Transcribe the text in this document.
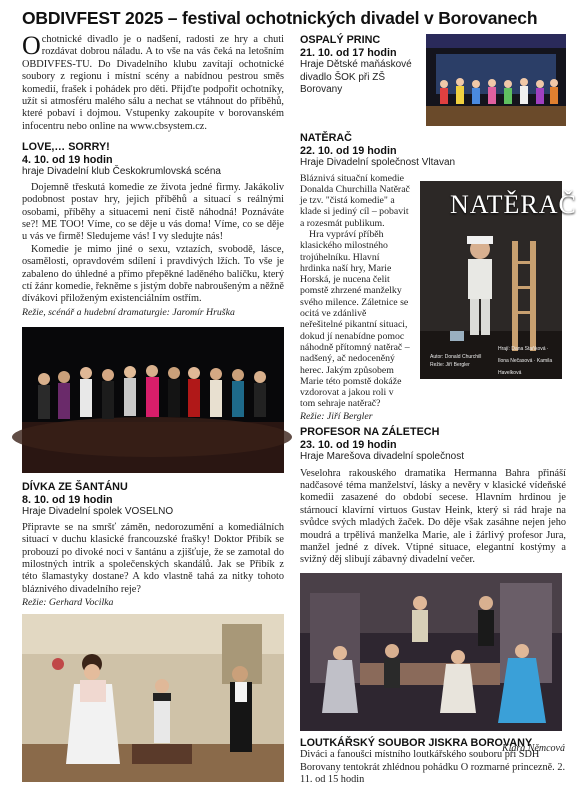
OBDIVFEST 2025 – festival ochotnických divadel v Borovanech

Ochotnické divadlo je o nadšení, radosti ze hry a chuti rozdávat dobrou náladu. A to vše na vás čeká na letošním OBDIVFES-TU. Do Divadelního klubu zavítají ochotnické soubory z regionu i místní scény a nabídnou pestrou směs komedií, frašek i pohádek pro děti. Přijďte podpořit ochotníky, užít si atmosféru malého sálu a nechat se vtáhnout do příběhů, které pobaví i dojmou. Vstupenky zakoupíte v borovanském infocentru nebo online na www.cbsystem.cz.

LOVE,… SORRY!
4. 10. od 19 hodin
hraje Divadelní klub Českokrumlovská scéna

Dojemně třeskutá komedie ze života jedné firmy. Jakákoliv podobnost postav hry, jejich příběhů a situací s reálnými osobami, příběhy a situacemi není čistě náhodná! Poznáváte se?! ME TOO! Víme, co se děje u vás doma! Víme, co se děje u vás ve firmě! Sledujeme vás! I vy sledujte nás!

Komedie je mimo jiné o sexu, vztazích, svobodě, lásce, osamělosti, opravdovém sdílení i pravdivých lžích. To vše je zabaleno do úhledné a přímo přepěkné laděného balíčku, který ctí žánr komedie, řekněme s jistým dobře nabroušeným a něžně dívákovi přiloženým existenciálním ostřím.

Režie, scénář a hudební dramaturgie: Jaromír Hruška
DÍVKA ZE ŠANTÁNU
8. 10. od 19 hodin
Hraje Divadelní spolek VOSELNO

Připravte se na smršť záměn, nedorozumění a komediálních situací v duchu klasické francouzské frašky! Doktor Přibík se probouzí po divoké noci v šantánu a zjišťuje, že se zamotal do milostných intrik a společenských skandálů. Jak se Přibík z této šlamastyky dostane? A kdo vlastně tahá za nitky tohoto bláznivého divadelního reje?

Režie: Gerhard Vocilka
OSPALÝ PRINC
21. 10. od 17 hodin
Hraje Dětské maňáskové divadlo ŠOK při ZŠ Borovany
NATĚRAČ
22. 10. od 19 hodin
Hraje Divadelní společnost Vltavan

Bláznivá situační komedie Donalda Churchilla Natěrač je tzv. "čistá komedie" a klade si jediný cíl – pobavit a rozesmát publikum.

Hra vypráví příběh klasického milostného trojúhelníku. Hlavní hrdinka naší hry, Marie Horská, je nucena čelit pomstě zhrzené manželky svého milence. Záletnice se ocitá ve zdánlivě neřešitelné pikantní situaci, dokud jí nenabídne pomoc náhodně přítomný natěrač – nadšený, ač nedoceněný herec. Jakým způsobem Marie této pomstě dokáže vzdorovat a jakou roli v tom sehraje natěrač?

Režie: Jiří Bergler
NATĚRAČ
Autor: Donald Churchill
Režie: Jiří Bergler
Hrají: Dana Staňková · Ilona Nečasová · Kamila Havelková
PROFESOR NA ZÁLETECH
23. 10. od 19 hodin
Hraje Marešova divadelní společnost

Veselohra rakouského dramatika Hermanna Bahra přináší nadčasové téma manželství, lásky a nevěry v klasické vídeňské komedii zasazené do období secese. Hlavním hrdinou je stárnoucí klavírní virtuos Gustav Heink, který si rád hraje na svůdce svých mladých žaček. Do děje však zasáhne nejen jeho moudrá a trpělivá manželka Marie, ale i žárlivý profesor Jura, manžel jedné z dívek. Vtipné situace, elegantní kostýmy a svižný děj slibují zábavný divadelní večer.

LOUTKÁŘSKÝ SOUBOR JISKRA BOROVANY

Diváci a fanoušci místního loutkářského souboru při SDH Borovany tentokrát zhlédnou pohádku O rozmarné princezně. 2. 11. od 15 hodin

Klára Němcová
